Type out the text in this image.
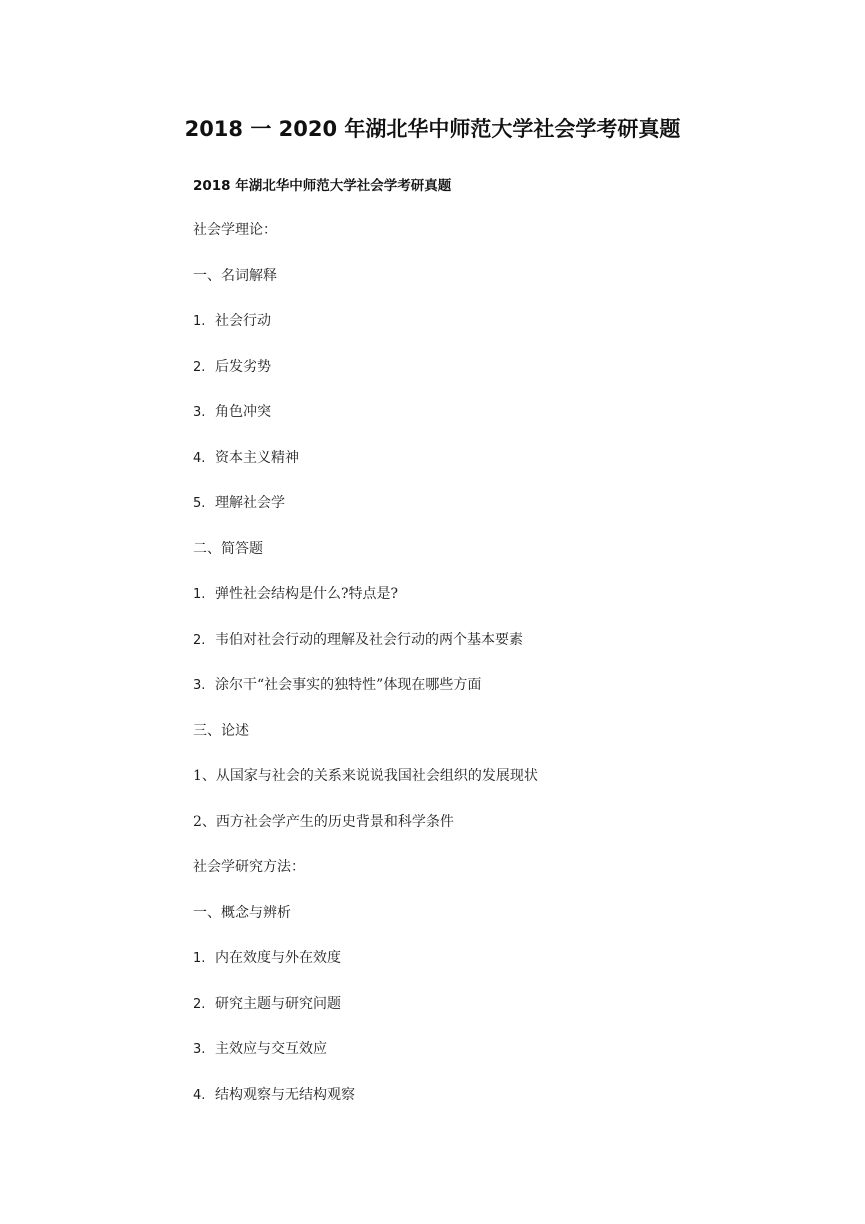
2018 一 2020 年湖北华中师范大学社会学考研真题
2018 年湖北华中师范大学社会学考研真题
社会学理论：
一、名词解释
1. 社会行动
2. 后发劣势
3. 角色冲突
4. 资本主义精神
5. 理解社会学
二、简答题
1. 弹性社会结构是什么?特点是?
2. 韦伯对社会行动的理解及社会行动的两个基本要素
3. 涂尔干“社会事实的独特性”体现在哪些方面
三、论述
1、从国家与社会的关系来说说我国社会组织的发展现状
2、西方社会学产生的历史背景和科学条件
社会学研究方法：
一、概念与辨析
1. 内在效度与外在效度
2. 研究主题与研究问题
3. 主效应与交互效应
4. 结构观察与无结构观察
